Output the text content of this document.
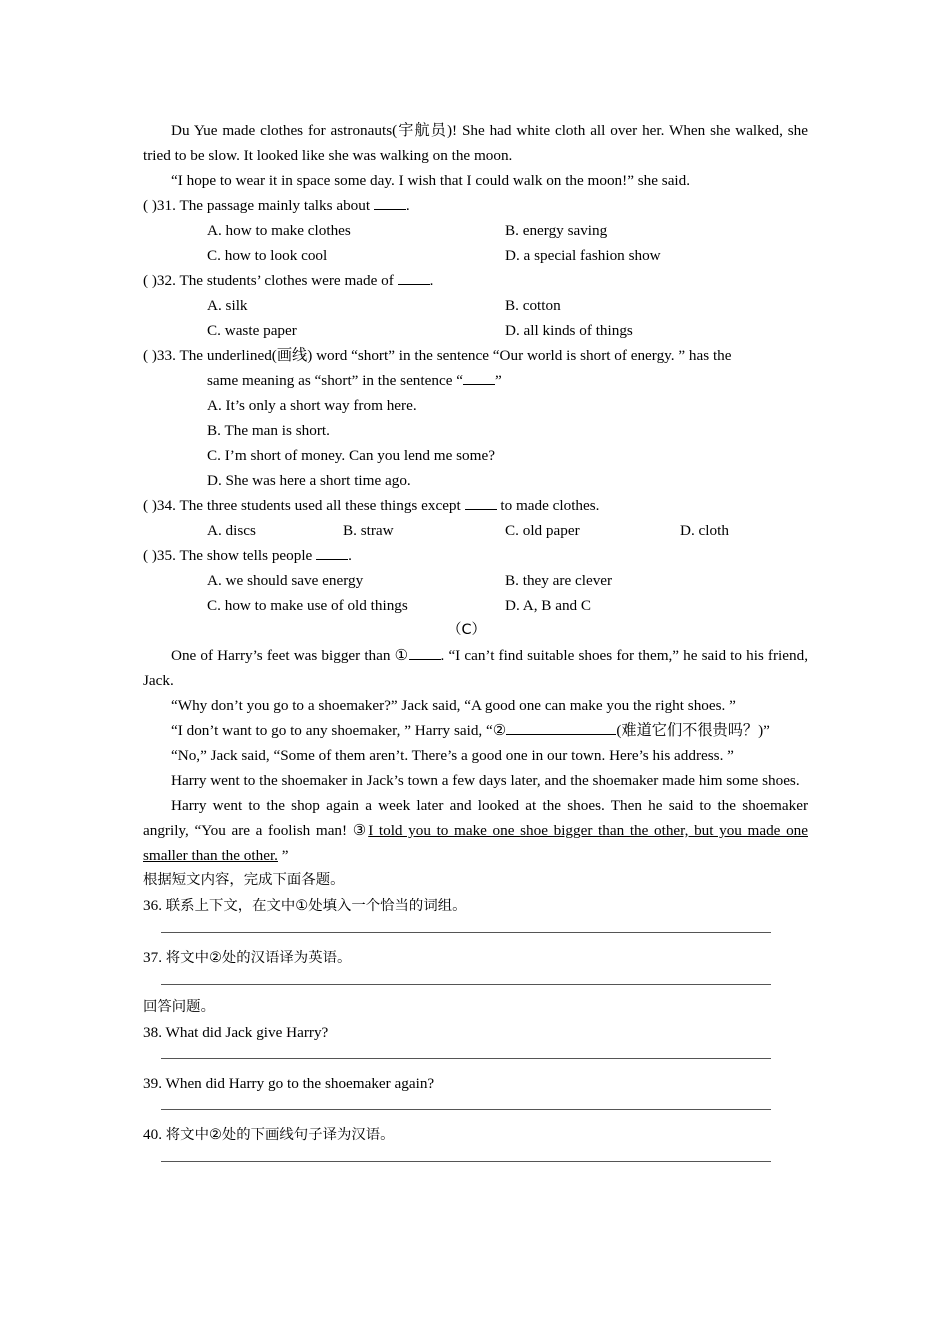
Du Yue made clothes for astronauts(宇航员)! She had white cloth all over her. When she walked, she tried to be slow. It looked like she was walking on the moon.

“I hope to wear it in space some day. I wish that I could walk on the moon!” she said.

( )31. The passage mainly talks about .

A. how to make clothes	B. energy saving
C. how to look cool	D. a special fashion show

( )32. The students’ clothes were made of .

A. silk	B. cotton
C. waste paper	D. all kinds of things

( )33. The underlined(画线) word “short” in the sentence “Our world is short of energy. ” has the

same meaning as “short” in the sentence “ ”

A. It’s only a short way from here.

B. The man is short.

C. I’m short of money. Can you lend me some?

D. She was here a short time ago.

( )34. The three students used all these things except  to made clothes.

A. discs	B. straw	C. old paper	D. cloth

( )35. The show tells people .

A. we should save energy	B. they are clever
C. how to make use of old things	D. A, B and C

（C）

One of Harry’s feet was bigger than ① . “I can’t find suitable shoes for them,” he said to his friend, Jack.

“Why don’t you go to a shoemaker?” Jack said, “A good one can make you the right shoes. ”

“I don’t want to go to any shoemaker, ” Harry said, “②	(难道它们不很贵吗？)”

“No,” Jack said, “Some of them aren’t. There’s a good one in our town. Here’s his address. ”

Harry went to the shoemaker in Jack’s town a few days later, and the shoemaker made him some shoes.

Harry went to the shop again a week later and looked at the shoes. Then he said to the shoemaker angrily, “You are a foolish man! ③I told you to make one shoe bigger than the other, but you made one smaller than the other. ”

根据短文内容，完成下面各题。

36. 联系上下文，在文中①处填入一个恰当的词组。

37. 将文中②处的汉语译为英语。

回答问题。

38. What did Jack give Harry?

39. When did Harry go to the shoemaker again?

40. 将文中②处的下画线句子译为汉语。
